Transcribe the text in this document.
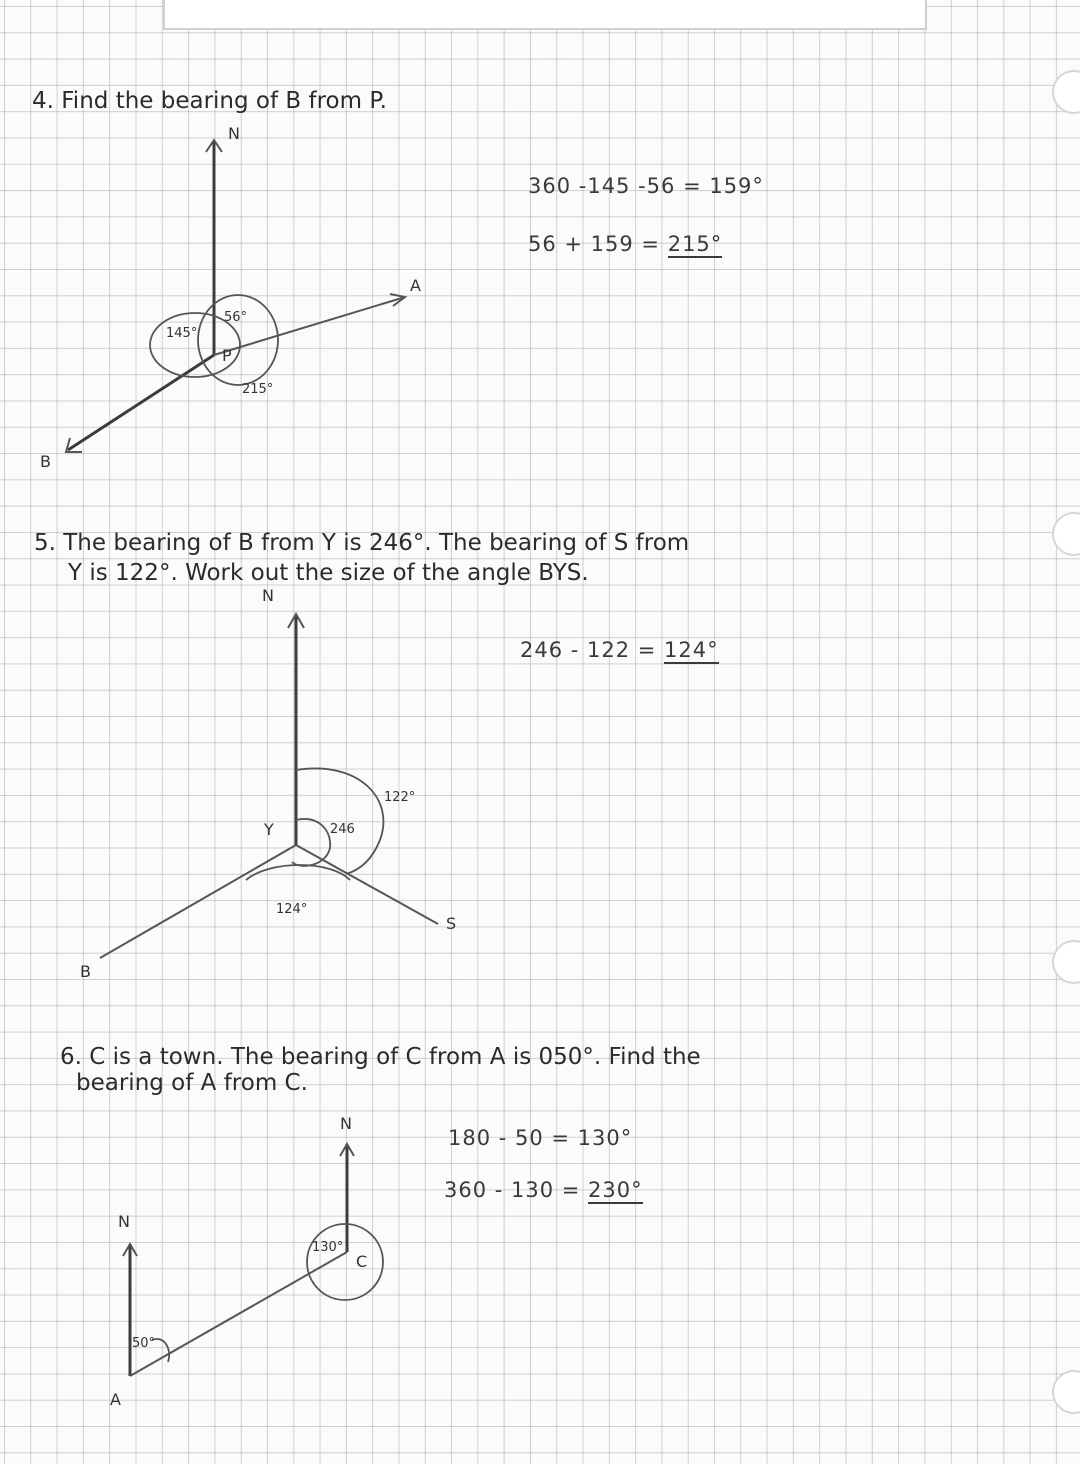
4. Find the bearing of B from P.
N
A
56°
145°
P
215°
B
360 -145 -56 = 159°
56 + 159 = 215°
5. The bearing of B from Y is 246°. The bearing of S from
Y is 122°. Work out the size of the angle BYS.
N
246 - 122 = 124°
122°
Y	246
124°
S
B
6. C is a town. The bearing of C from A is 050°. Find the
bearing of A from C.
N
180 - 50 = 130°
360 - 130 = 230°
N
130°
C
50°
A
